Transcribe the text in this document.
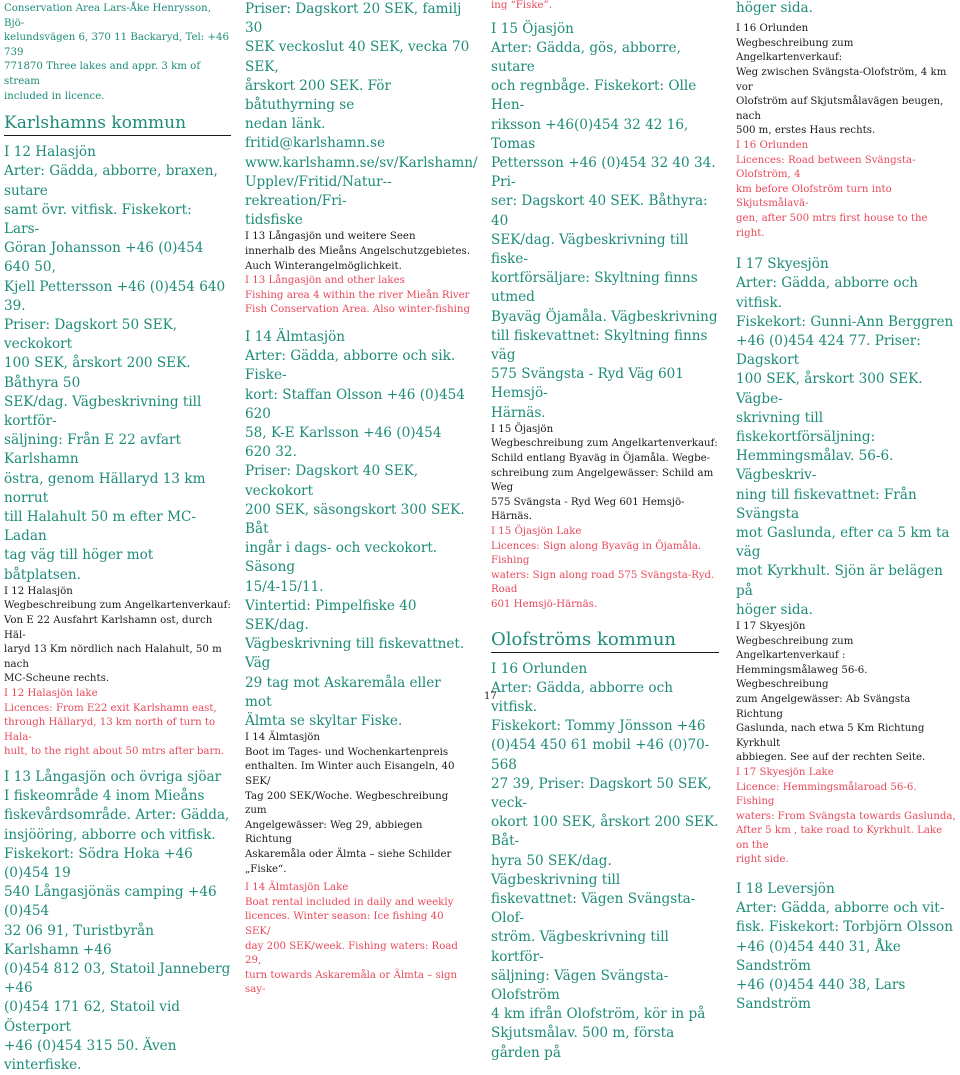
Conservation Area Lars-Åke Henrysson, Bjö-
kelundsvägen 6, 370 11 Backaryd, Tel: +46 739
771870 Three lakes and appr. 3 km of stream
included in licence.
Karlshamns kommun
I 12 Halasjön
Arter: Gädda, abborre, braxen, sutare
samt övr. vitfisk. Fiskekort: Lars-
Göran Johansson +46 (0)454 640 50,
Kjell Pettersson +46 (0)454 640 39.
Priser: Dagskort 50 SEK, veckokort
100 SEK, årskort 200 SEK. Båthyra 50
SEK/dag. Vägbeskrivning till kortför-
säljning: Från E 22 avfart Karlshamn
östra, genom Hällaryd 13 km norrut
till Halahult 50 m efter MC-Ladan
tag väg till höger mot båtplatsen.
I 12 Halasjön
Wegbeschreibung zum Angelkartenverkauf:
Von E 22 Ausfahrt Karlshamn ost, durch Häl-
laryd 13 Km nördlich nach Halahult, 50 m nach
MC-Scheune rechts.
I 12 Halasjön lake
Licences: From E22 exit Karlshamn east,
through Hällaryd, 13 km north of turn to Hala-
hult, to the right about 50 mtrs after barn.
I 13 Långasjön och övriga sjöar
I fiskeområde 4 inom Mieåns
fiskevårdsområde. Arter: Gädda,
insjööring, abborre och vitfisk.
Fiskekort: Södra Hoka +46 (0)454 19
540 Långasjönäs camping +46 (0)454
32 06 91, Turistbyrån Karlshamn +46
(0)454 812 03, Statoil Janneberg +46
(0)454 171 62, Statoil vid Österport
+46 (0)454 315 50. Även vinterfiske.
Priser: Dagskort 20 SEK, familj 30
SEK veckoslut 40 SEK, vecka 70 SEK,
årskort 200 SEK. För båtuthyrning se
nedan länk.
fritid@karlshamn.se
www.karlshamn.se/sv/Karlshamn/
Upplev/Fritid/Natur--rekreation/Fri-
tidsfiske
I 13 Långasjön und weitere Seen
innerhalb des Mieåns Angelschutzgebietes.
Auch Winterangelmöglichkeit.
I 13 Långasjön and other lakes
Fishing area 4 within the river Mieån River
Fish Conservation Area. Also winter-fishing
I 14 Älmtasjön
Arter: Gädda, abborre och sik. Fiske-
kort: Staffan Olsson +46 (0)454 620
58, K-E Karlsson +46 (0)454 620 32.
Priser: Dagskort 40 SEK, veckokort
200 SEK, säsongskort 300 SEK. Båt
ingår i dags- och veckokort. Säsong
15/4-15/11.
Vintertid: Pimpelfiske 40 SEK/dag.
Vägbeskrivning till fiskevattnet. Väg
29 tag mot Askaremåla eller mot
Älmta se skyltar Fiske.
I 14 Älmtasjön
Boot im Tages- und Wochenkartenpreis
enthalten. Im Winter auch Eisangeln, 40 SEK/
Tag 200 SEK/Woche. Wegbeschreibung zum
Angelgewässer: Weg 29, abbiegen Richtung
Askaremåla oder Älmta – siehe Schilder „Fiske“.
I 14 Älmtasjön Lake
Boat rental included in daily and weekly
licences. Winter season: Ice fishing 40 SEK/
day 200 SEK/week. Fishing waters: Road 29,
turn towards Askaremåla or Älmta – sign say-
ing “Fiske”.
I 15 Öjasjön
Arter: Gädda, gös, abborre, sutare
och regnbåge. Fiskekort: Olle Hen-
riksson +46(0)454 32 42 16, Tomas
Pettersson +46 (0)454 32 40 34. Pri-
ser: Dagskort 40 SEK. Båthyra: 40
SEK/dag. Vägbeskrivning till fiske-
kortförsäljare: Skyltning finns utmed
Byaväg Öjamåla. Vägbeskrivning
till fiskevattnet: Skyltning finns väg
575 Svängsta - Ryd Väg 601 Hemsjö-
Härnäs.
I 15 Öjasjön
Wegbeschreibung zum Angelkartenverkauf:
Schild entlang Byaväg in Öjamåla. Wegbe-
schreibung zum Angelgewässer: Schild am Weg
575 Svängsta - Ryd Weg 601 Hemsjö-Härnäs.
I 15 Öjasjön Lake
Licences: Sign along Byaväg in Öjamåla. Fishing
waters: Sign along road 575 Svängsta-Ryd. Road
601 Hemsjö-Härnäs.
Olofströms kommun
I 16 Orlunden
Arter: Gädda, abborre och vitfisk.
Fiskekort: Tommy Jönsson +46
(0)454 450 61 mobil +46 (0)70-568
27 39, Priser: Dagskort 50 SEK, veck-
okort 100 SEK, årskort 200 SEK. Båt-
hyra 50 SEK/dag. Vägbeskrivning till
fiskevattnet: Vägen Svängsta-Olof-
ström. Vägbeskrivning till kortför-
säljning: Vägen Svängsta-Olofström
4 km ifrån Olofström, kör in på
Skjutsmålav. 500 m, första gården på
höger sida.
I 16 Orlunden
Wegbeschreibung zum Angelkartenverkauf:
Weg zwischen Svängsta-Olofström, 4 km vor
Olofström auf Skjutsmålavägen beugen, nach
500 m, erstes Haus rechts.
I 16 Orlunden
Licences: Road between Svängsta-Olofström, 4
km before Olofström turn into Skjutsmålavä-
gen, after 500 mtrs first house to the right.
I 17 Skyesjön
Arter: Gädda, abborre och vitfisk.
Fiskekort: Gunni-Ann Berggren
+46 (0)454 424 77. Priser: Dagskort
100 SEK, årskort 300 SEK. Vägbe-
skrivning till fiskekortförsäljning:
Hemmingsmålav. 56-6. Vägbeskriv-
ning till fiskevattnet: Från Svängsta
mot Gaslunda, efter ca 5 km ta väg
mot Kyrkhult. Sjön är belägen på
höger sida.
I 17 Skyesjön
Wegbeschreibung zum Angelkartenverkauf :
Hemmingsmålaweg 56-6. Wegbeschreibung
zum Angelgewässer: Ab Svängsta Richtung
Gaslunda, nach etwa 5 Km Richtung Kyrkhult
abbiegen. See auf der rechten Seite.
I 17 Skyesjön Lake
Licence: Hemmingsmålaroad 56-6. Fishing
waters: From Svängsta towards Gaslunda,
After 5 km , take road to Kyrkhult. Lake on the
right side.
I 18 Leversjön
Arter: Gädda, abborre och vit-
fisk. Fiskekort: Torbjörn Olsson
+46 (0)454 440 31, Åke Sandström
+46 (0)454 440 38, Lars Sandström
17
